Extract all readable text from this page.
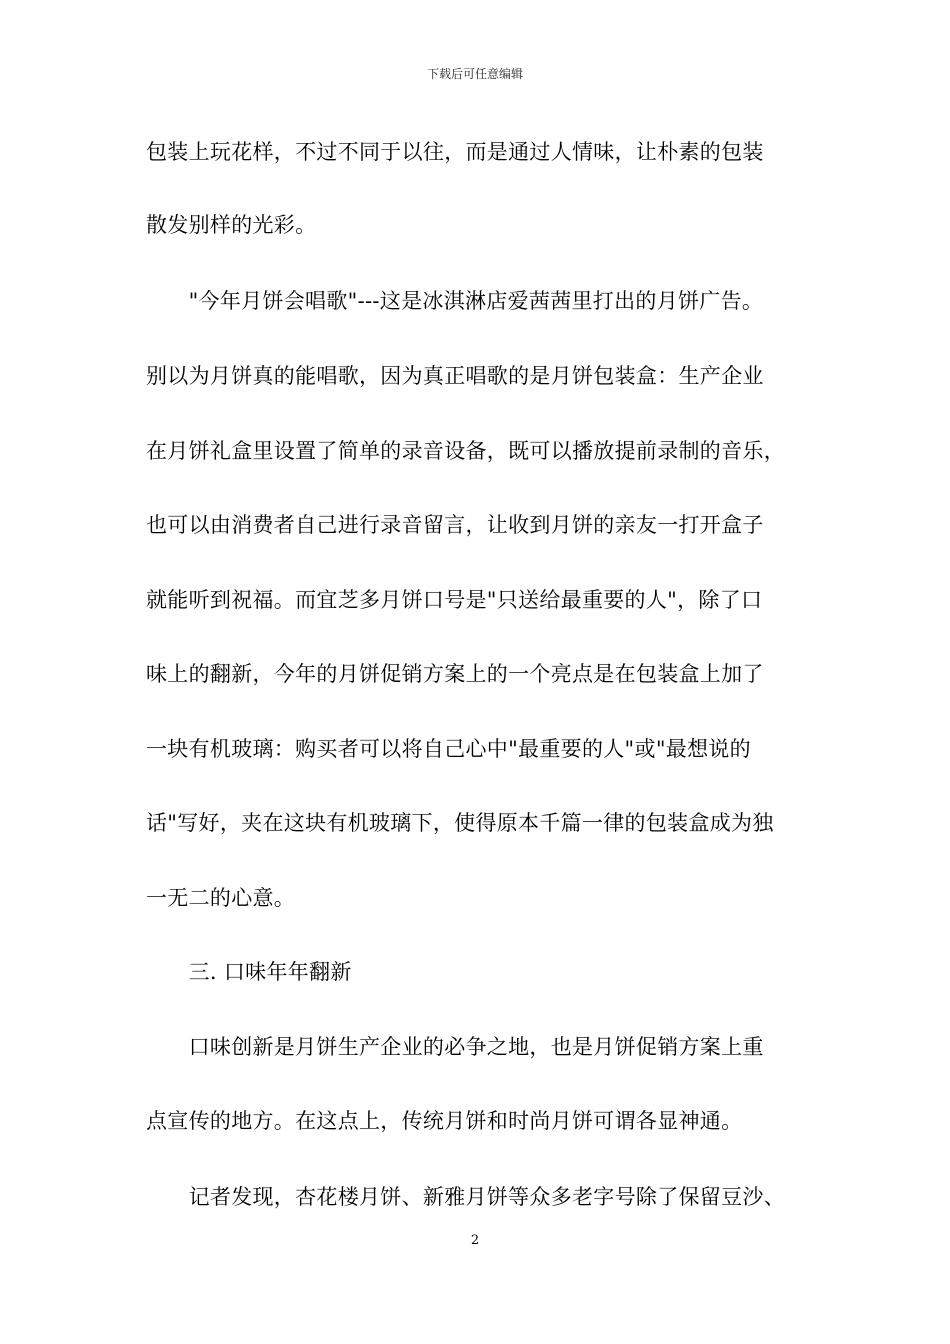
下载后可任意编辑
包装上玩花样，不过不同于以往，而是通过人情味，让朴素的包装
散发别样的光彩。
　　"今年月饼会唱歌"---这是冰淇淋店爱茜茜里打出的月饼广告。
别以为月饼真的能唱歌，因为真正唱歌的是月饼包装盒：生产企业
在月饼礼盒里设置了简单的录音设备，既可以播放提前录制的音乐，
也可以由消费者自己进行录音留言，让收到月饼的亲友一打开盒子
就能听到祝福。而宜芝多月饼口号是"只送给最重要的人"，除了口
味上的翻新，今年的月饼促销方案上的一个亮点是在包装盒上加了
一块有机玻璃：购买者可以将自己心中"最重要的人"或"最想说的
话"写好，夹在这块有机玻璃下，使得原本千篇一律的包装盒成为独
一无二的心意。
　　三. 口味年年翻新
　　口味创新是月饼生产企业的必争之地，也是月饼促销方案上重
点宣传的地方。在这点上，传统月饼和时尚月饼可谓各显神通。
　　记者发现，杏花楼月饼、新雅月饼等众多老字号除了保留豆沙、
2
